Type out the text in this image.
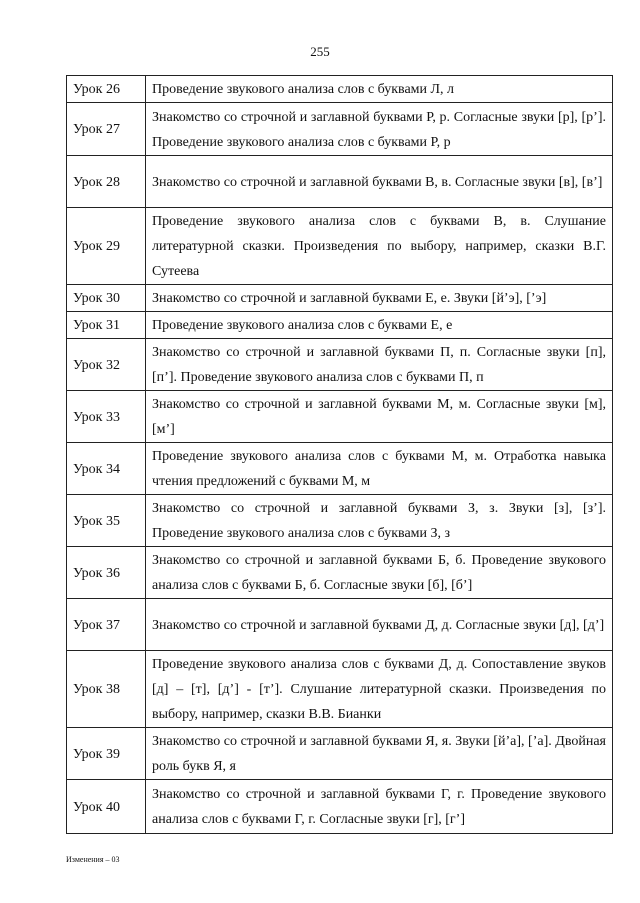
255
Урок 26	Проведение звукового анализа слов с буквами Л, л
Урок 27	Знакомство со строчной и заглавной буквами Р, р. Согласные звуки [р], [р’]. Проведение звукового анализа слов с буквами Р, р
Урок 28	Знакомство со строчной и заглавной буквами В, в. Согласные звуки [в], [в’]
Урок 29	Проведение звукового анализа слов с буквами В, в. Слушание литературной сказки. Произведения по выбору, например, сказки В.Г. Сутеева
Урок 30	Знакомство со строчной и заглавной буквами Е, е. Звуки [й’э], [’э]
Урок 31	Проведение звукового анализа слов с буквами Е, е
Урок 32	Знакомство со строчной и заглавной буквами П, п. Согласные звуки [п], [п’]. Проведение звукового анализа слов с буквами П, п
Урок 33	Знакомство со строчной и заглавной буквами М, м. Согласные звуки [м], [м’]
Урок 34	Проведение звукового анализа слов с буквами М, м. Отработка навыка чтения предложений с буквами М, м
Урок 35	Знакомство со строчной и заглавной буквами З, з. Звуки [з], [з’]. Проведение звукового анализа слов с буквами З, з
Урок 36	Знакомство со строчной и заглавной буквами Б, б. Проведение звукового анализа слов с буквами Б, б. Согласные звуки [б], [б’]
Урок 37	Знакомство со строчной и заглавной буквами Д, д. Согласные звуки [д], [д’]
Урок 38	Проведение звукового анализа слов с буквами Д, д. Сопоставление звуков [д] – [т], [д’] - [т’]. Слушание литературной сказки. Произведения по выбору, например, сказки В.В. Бианки
Урок 39	Знакомство со строчной и заглавной буквами Я, я. Звуки [й’а], [’а]. Двойная роль букв Я, я
Урок 40	Знакомство со строчной и заглавной буквами Г, г. Проведение звукового анализа слов с буквами Г, г. Согласные звуки [г], [г’]
Изменения – 03
